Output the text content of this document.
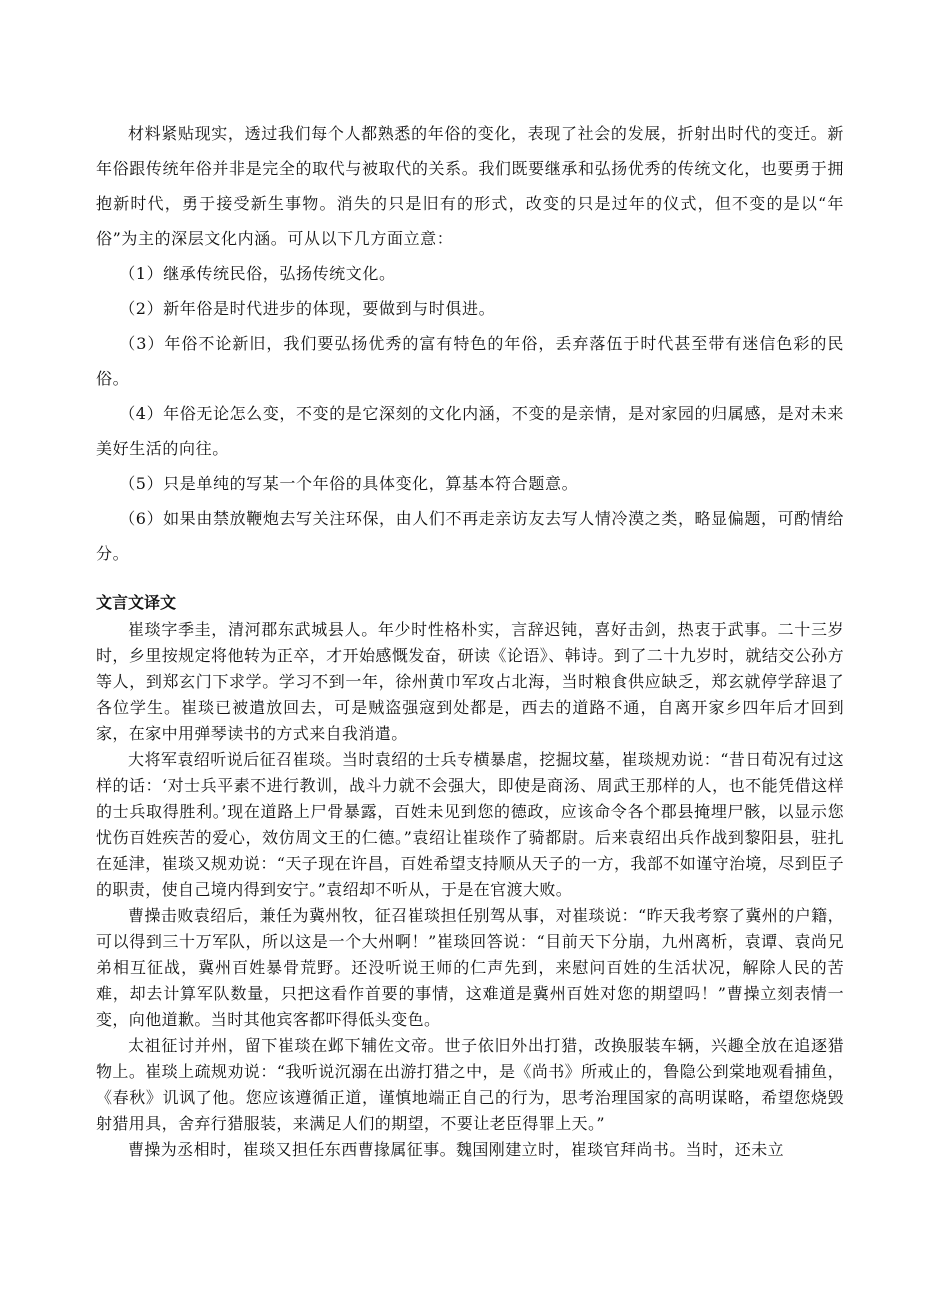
材料紧贴现实，透过我们每个人都熟悉的年俗的变化，表现了社会的发展，折射出时代的变迁。新年俗跟传统年俗并非是完全的取代与被取代的关系。我们既要继承和弘扬优秀的传统文化，也要勇于拥抱新时代，勇于接受新生事物。消失的只是旧有的形式，改变的只是过年的仪式，但不变的是以“年俗”为主的深层文化内涵。可从以下几方面立意：

（1）继承传统民俗，弘扬传统文化。
（2）新年俗是时代进步的体现，要做到与时俱进。
（3）年俗不论新旧，我们要弘扬优秀的富有特色的年俗，丢弃落伍于时代甚至带有迷信色彩的民俗。
（4）年俗无论怎么变，不变的是它深刻的文化内涵，不变的是亲情，是对家园的归属感，是对未来美好生活的向往。
（5）只是单纯的写某一个年俗的具体变化，算基本符合题意。
（6）如果由禁放鞭炮去写关注环保，由人们不再走亲访友去写人情冷漠之类，略显偏题，可酌情给分。
文言文译文

崔琰字季圭，清河郡东武城县人。年少时性格朴实，言辞迟钝，喜好击剑，热衷于武事。二十三岁时，乡里按规定将他转为正卒，才开始感慨发奋，研读《论语》、韩诗。到了二十九岁时，就结交公孙方等人，到郑玄门下求学。学习不到一年，徐州黄巾军攻占北海，当时粮食供应缺乏，郑玄就停学辞退了各位学生。崔琰已被遣放回去，可是贼盗强寇到处都是，西去的道路不通，自离开家乡四年后才回到家，在家中用弹琴读书的方式来自我消遣。

大将军袁绍听说后征召崔琰。当时袁绍的士兵专横暴虐，挖掘坟墓，崔琰规劝说：“昔日荀况有过这样的话：‘对士兵平素不进行教训，战斗力就不会强大，即使是商汤、周武王那样的人，也不能凭借这样的士兵取得胜利。’现在道路上尸骨暴露，百姓未见到您的德政，应该命令各个郡县掩埋尸骸，以显示您忧伤百姓疾苦的爱心，效仿周文王的仁德。”袁绍让崔琰作了骑都尉。后来袁绍出兵作战到黎阳县，驻扎在延津，崔琰又规劝说：“天子现在许昌，百姓希望支持顺从天子的一方，我部不如谨守治境，尽到臣子的职责，使自己境内得到安宁。”袁绍却不听从，于是在官渡大败。

曹操击败袁绍后，兼任为冀州牧，征召崔琰担任别驾从事，对崔琰说：“昨天我考察了冀州的户籍，可以得到三十万军队，所以这是一个大州啊！”崔琰回答说：“目前天下分崩，九州离析，袁谭、袁尚兄弟相互征战，冀州百姓暴骨荒野。还没听说王师的仁声先到，来慰问百姓的生活状况，解除人民的苦难，却去计算军队数量，只把这看作首要的事情，这难道是冀州百姓对您的期望吗！”曹操立刻表情一变，向他道歉。当时其他宾客都吓得低头变色。

太祖征讨并州，留下崔琰在邺下辅佐文帝。世子依旧外出打猎，改换服装车辆，兴趣全放在追逐猎物上。崔琰上疏规劝说：“我听说沉溺在出游打猎之中，是《尚书》所戒止的，鲁隐公到棠地观看捕鱼，《春秋》讥讽了他。您应该遵循正道，谨慎地端正自己的行为，思考治理国家的高明谋略，希望您烧毁射猎用具，舍弃行猎服装，来满足人们的期望，不要让老臣得罪上天。”

曹操为丞相时，崔琰又担任东西曹掾属征事。魏国刚建立时，崔琰官拜尚书。当时，还未立
